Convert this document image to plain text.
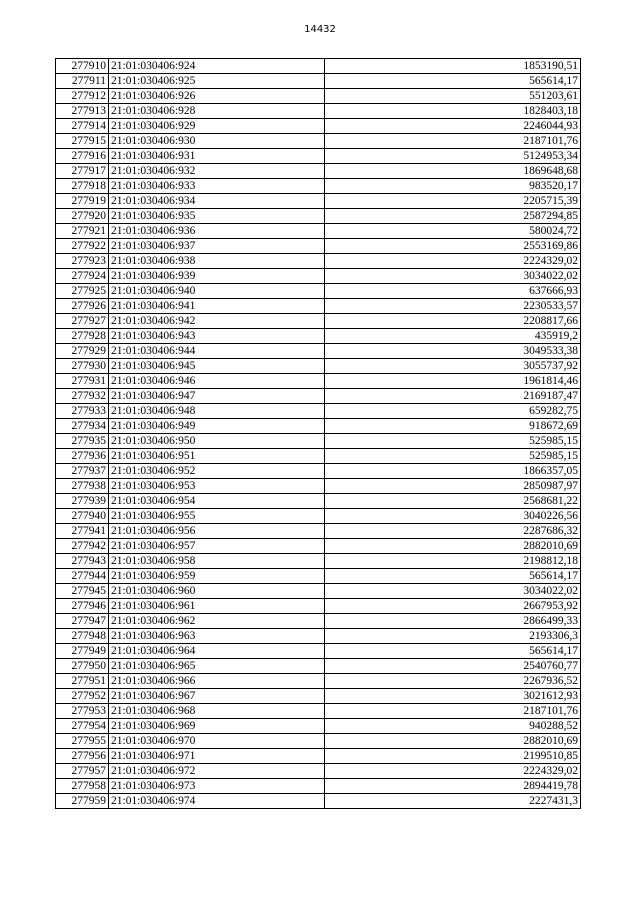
14432
277910	21:01:030406:924	1853190,51
277911	21:01:030406:925	565614,17
277912	21:01:030406:926	551203,61
277913	21:01:030406:928	1828403,18
277914	21:01:030406:929	2246044,93
277915	21:01:030406:930	2187101,76
277916	21:01:030406:931	5124953,34
277917	21:01:030406:932	1869648,68
277918	21:01:030406:933	983520,17
277919	21:01:030406:934	2205715,39
277920	21:01:030406:935	2587294,85
277921	21:01:030406:936	580024,72
277922	21:01:030406:937	2553169,86
277923	21:01:030406:938	2224329,02
277924	21:01:030406:939	3034022,02
277925	21:01:030406:940	637666,93
277926	21:01:030406:941	2230533,57
277927	21:01:030406:942	2208817,66
277928	21:01:030406:943	435919,2
277929	21:01:030406:944	3049533,38
277930	21:01:030406:945	3055737,92
277931	21:01:030406:946	1961814,46
277932	21:01:030406:947	2169187,47
277933	21:01:030406:948	659282,75
277934	21:01:030406:949	918672,69
277935	21:01:030406:950	525985,15
277936	21:01:030406:951	525985,15
277937	21:01:030406:952	1866357,05
277938	21:01:030406:953	2850987,97
277939	21:01:030406:954	2568681,22
277940	21:01:030406:955	3040226,56
277941	21:01:030406:956	2287686,32
277942	21:01:030406:957	2882010,69
277943	21:01:030406:958	2198812,18
277944	21:01:030406:959	565614,17
277945	21:01:030406:960	3034022,02
277946	21:01:030406:961	2667953,92
277947	21:01:030406:962	2866499,33
277948	21:01:030406:963	2193306,3
277949	21:01:030406:964	565614,17
277950	21:01:030406:965	2540760,77
277951	21:01:030406:966	2267936,52
277952	21:01:030406:967	3021612,93
277953	21:01:030406:968	2187101,76
277954	21:01:030406:969	940288,52
277955	21:01:030406:970	2882010,69
277956	21:01:030406:971	2199510,85
277957	21:01:030406:972	2224329,02
277958	21:01:030406:973	2894419,78
277959	21:01:030406:974	2227431,3
